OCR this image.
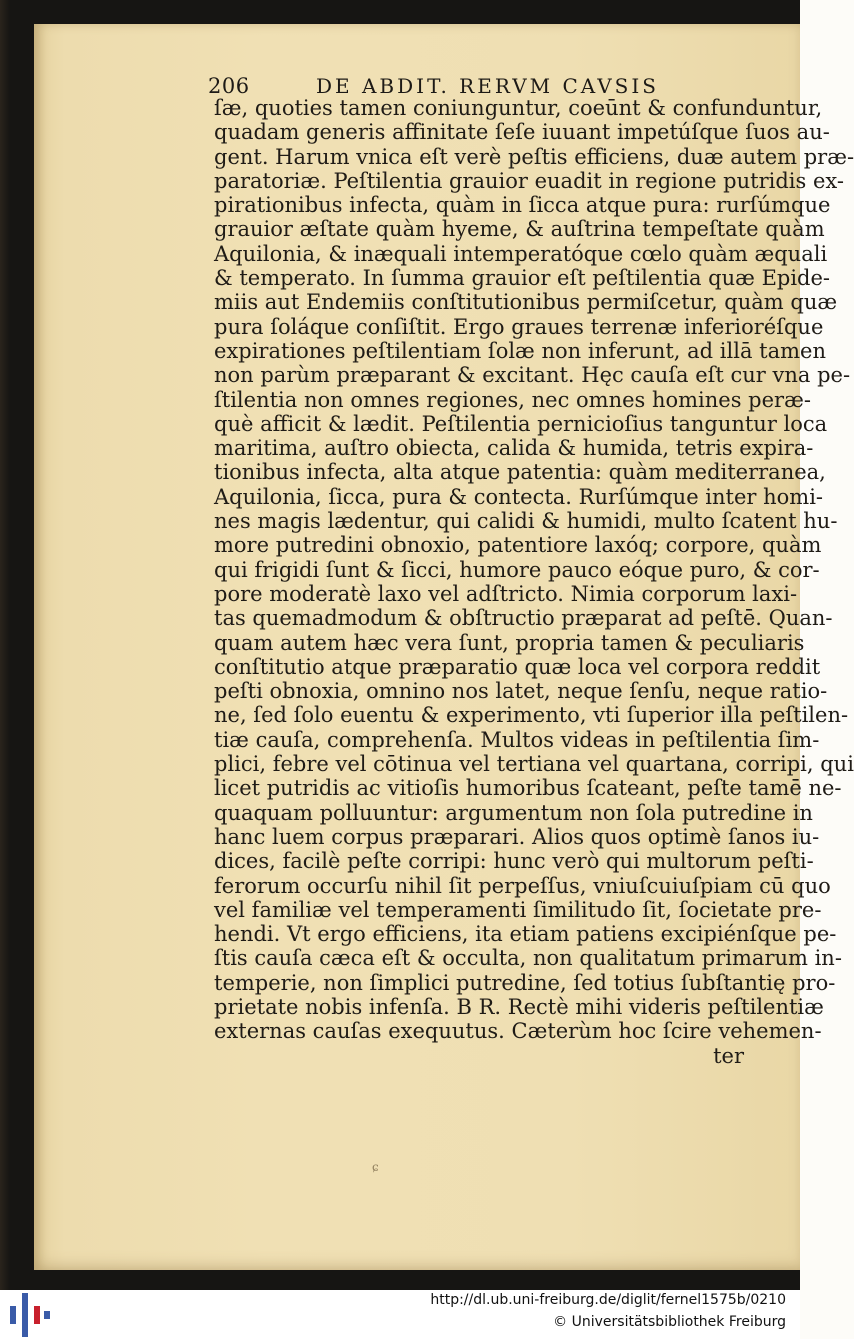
206	DE ABDIT. RERVM CAVSIS
ſæ, quoties tamen coniunguntur, coeūnt & confunduntur,
quadam generis affinitate ſeſe iuuant impetúſque ſuos au-
gent. Harum vnica eſt verè peſtis efficiens, duæ autem præ-
paratoriæ. Peſtilentia grauior euadit in regione putridis ex-
pirationibus infecta, quàm in ſicca atque pura: rurſúmque
grauior æſtate quàm hyeme, & auſtrina tempeſtate quàm
Aquilonia, & inæquali intemperatóque cœlo quàm æquali
& temperato. In ſumma grauior eſt peſtilentia quæ Epide-
miis aut Endemiis conſtitutionibus permiſcetur, quàm quæ
pura ſoláque conſiſtit. Ergo graues terrenæ inferioréſque
expirationes peſtilentiam ſolæ non inferunt, ad illā tamen
non parùm præparant & excitant. Hęc cauſa eſt cur vna pe-
ſtilentia non omnes regiones, nec omnes homines peræ-
què afficit & lædit. Peſtilentia pernicioſius tanguntur loca
maritima, auſtro obiecta, calida & humida, tetris expira-
tionibus infecta, alta atque patentia: quàm mediterranea,
Aquilonia, ſicca, pura & contecta. Rurſúmque inter homi-
nes magis lædentur, qui calidi & humidi, multo ſcatent hu-
more putredini obnoxio, patentiore laxóq; corpore, quàm
qui frigidi ſunt & ſicci, humore pauco eóque puro, & cor-
pore moderatè laxo vel adſtricto. Nimia corporum laxi-
tas quemadmodum & obſtructio præparat ad peſtē. Quan-
quam autem hæc vera ſunt, propria tamen & peculiaris
conſtitutio atque præparatio quæ loca vel corpora reddit
peſti obnoxia, omnino nos latet, neque ſenſu, neque ratio-
ne, ſed ſolo euentu & experimento, vti ſuperior illa peſtilen-
tiæ cauſa, comprehenſa. Multos videas in peſtilentia ſim-
plici, febre vel cōtinua vel tertiana vel quartana, corripi, qui
licet putridis ac vitioſis humoribus ſcateant, peſte tamē ne-
quaquam polluuntur: argumentum non ſola putredine in
hanc luem corpus præparari. Alios quos optimè ſanos iu-
dices, facilè peſte corripi: hunc verò qui multorum peſti-
ferorum occurſu nihil ſit perpeſſus, vniuſcuiuſpiam cū quo
vel familiæ vel temperamenti ſimilitudo ſit, ſocietate pre-
hendi. Vt ergo efficiens, ita etiam patiens excipiénſque pe-
ſtis cauſa cæca eſt & occulta, non qualitatum primarum in-
temperie, non ſimplici putredine, ſed totius ſubſtantię pro-
prietate nobis infenſa. B R. Rectè mihi videris peſtilentiæ
externas cauſas exequutus. Cæterùm hoc ſcire vehemen-
ter
ɕ
http://dl.ub.uni-freiburg.de/diglit/fernel1575b/0210
© Universitätsbibliothek Freiburg
